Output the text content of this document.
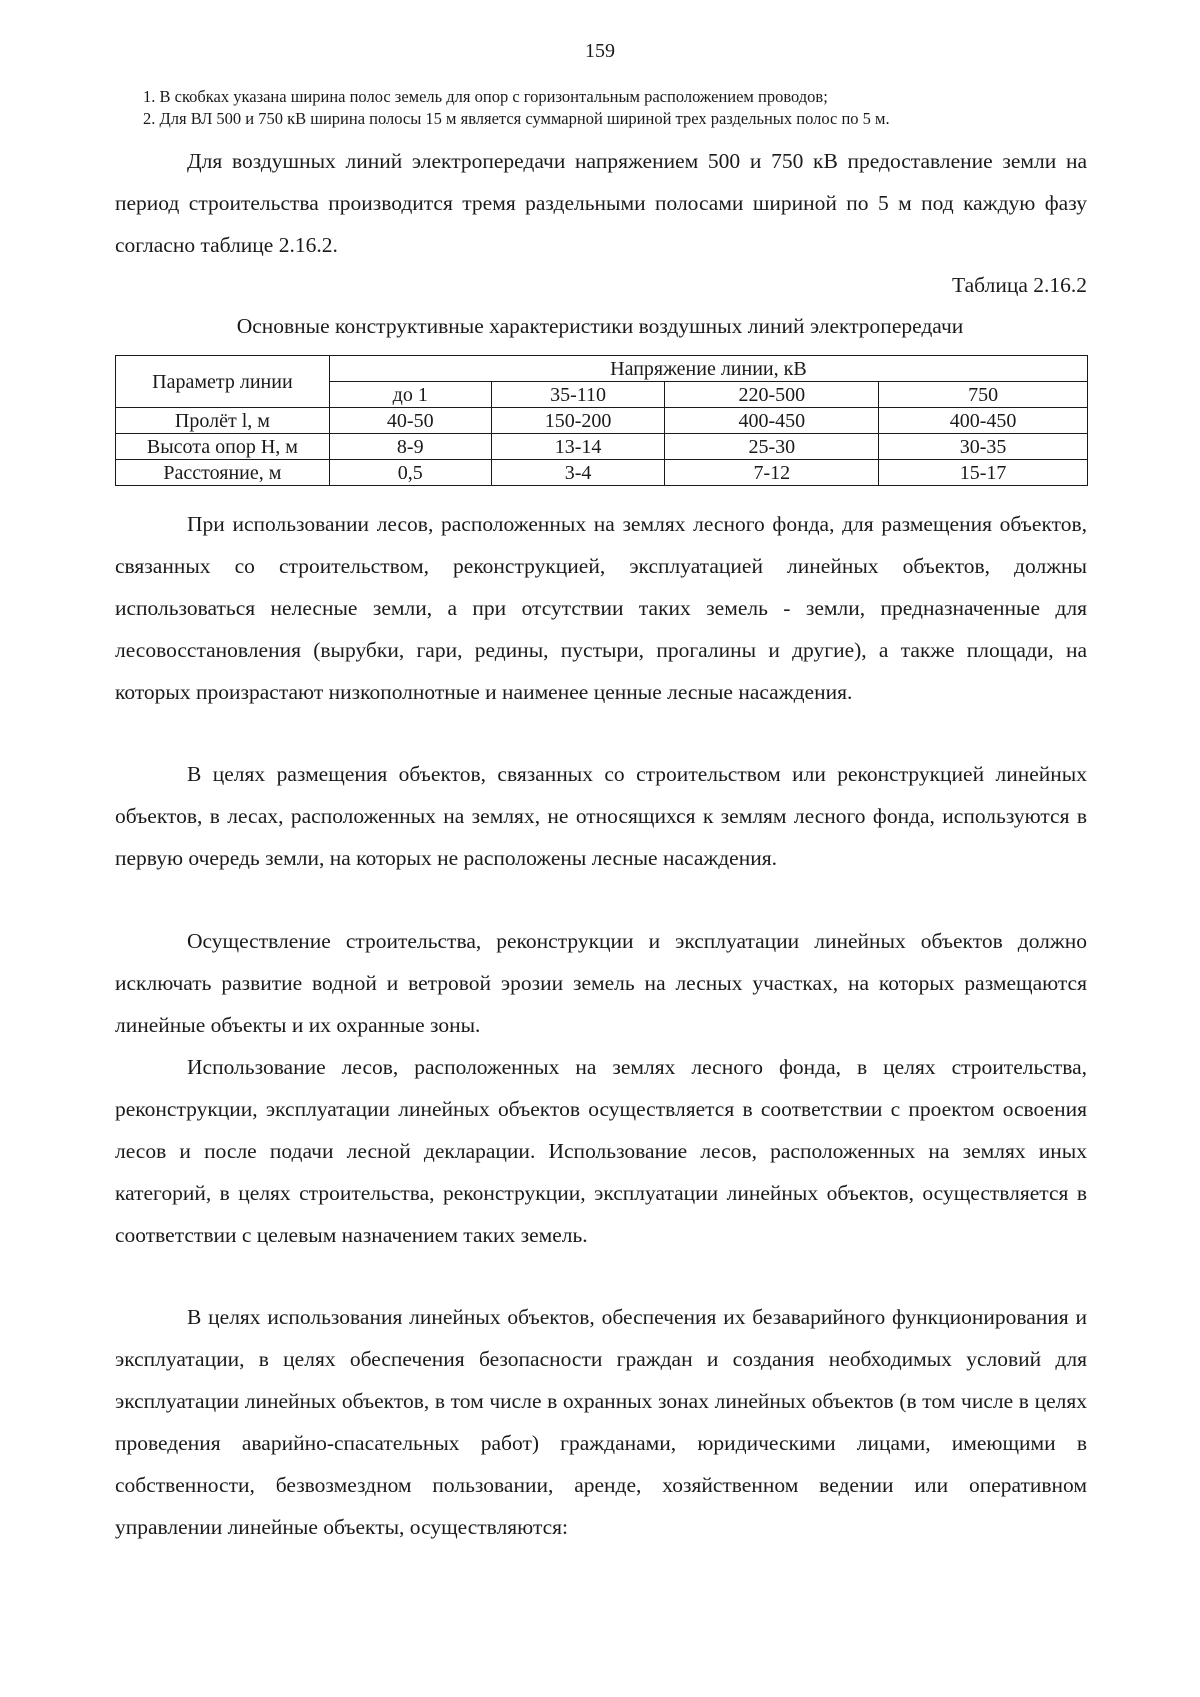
159
1. В скобках указана ширина полос земель для опор с горизонтальным расположением проводов;
2. Для ВЛ 500 и 750 кВ ширина полосы 15 м является суммарной шириной трех раздельных полос по 5 м.

Для воздушных линий электропередачи напряжением 500 и 750 кВ предоставление земли на период строительства производится тремя раздельными полосами шириной по 5 м под каждую фазу согласно таблице 2.16.2.

Таблица 2.16.2
Основные конструктивные характеристики воздушных линий электропередачи
Параметр линии	Напряжение линии, кВ			
	до 1	35-110	220-500	750
Пролёт l, м	40-50	150-200	400-450	400-450
Высота опор Н, м	8-9	13-14	25-30	30-35
Расстояние, м	0,5	3-4	7-12	15-17

При использовании лесов, расположенных на землях лесного фонда, для размещения объектов, связанных со строительством, реконструкцией, эксплуатацией линейных объектов, должны использоваться нелесные земли, а при отсутствии таких земель - земли, предназначенные для лесовосстановления (вырубки, гари, редины, пустыри, прогалины и другие), а также площади, на которых произрастают низкополнотные и наименее ценные лесные насаждения.

В целях размещения объектов, связанных со строительством или реконструкцией линейных объектов, в лесах, расположенных на землях, не относящихся к землям лесного фонда, используются в первую очередь земли, на которых не расположены лесные насаждения.

Осуществление строительства, реконструкции и эксплуатации линейных объектов должно исключать развитие водной и ветровой эрозии земель на лесных участках, на которых размещаются линейные объекты и их охранные зоны.

Использование лесов, расположенных на землях лесного фонда, в целях строительства, реконструкции, эксплуатации линейных объектов осуществляется в соответствии с проектом освоения лесов и после подачи лесной декларации. Использование лесов, расположенных на землях иных категорий, в целях строительства, реконструкции, эксплуатации линейных объектов, осуществляется в соответствии с целевым назначением таких земель.

В целях использования линейных объектов, обеспечения их безаварийного функционирования и эксплуатации, в целях обеспечения безопасности граждан и создания необходимых условий для эксплуатации линейных объектов, в том числе в охранных зонах линейных объектов (в том числе в целях проведения аварийно-спасательных работ) гражданами, юридическими лицами, имеющими в собственности, безвозмездном пользовании, аренде, хозяйственном ведении или оперативном управлении линейные объекты, осуществляются:
